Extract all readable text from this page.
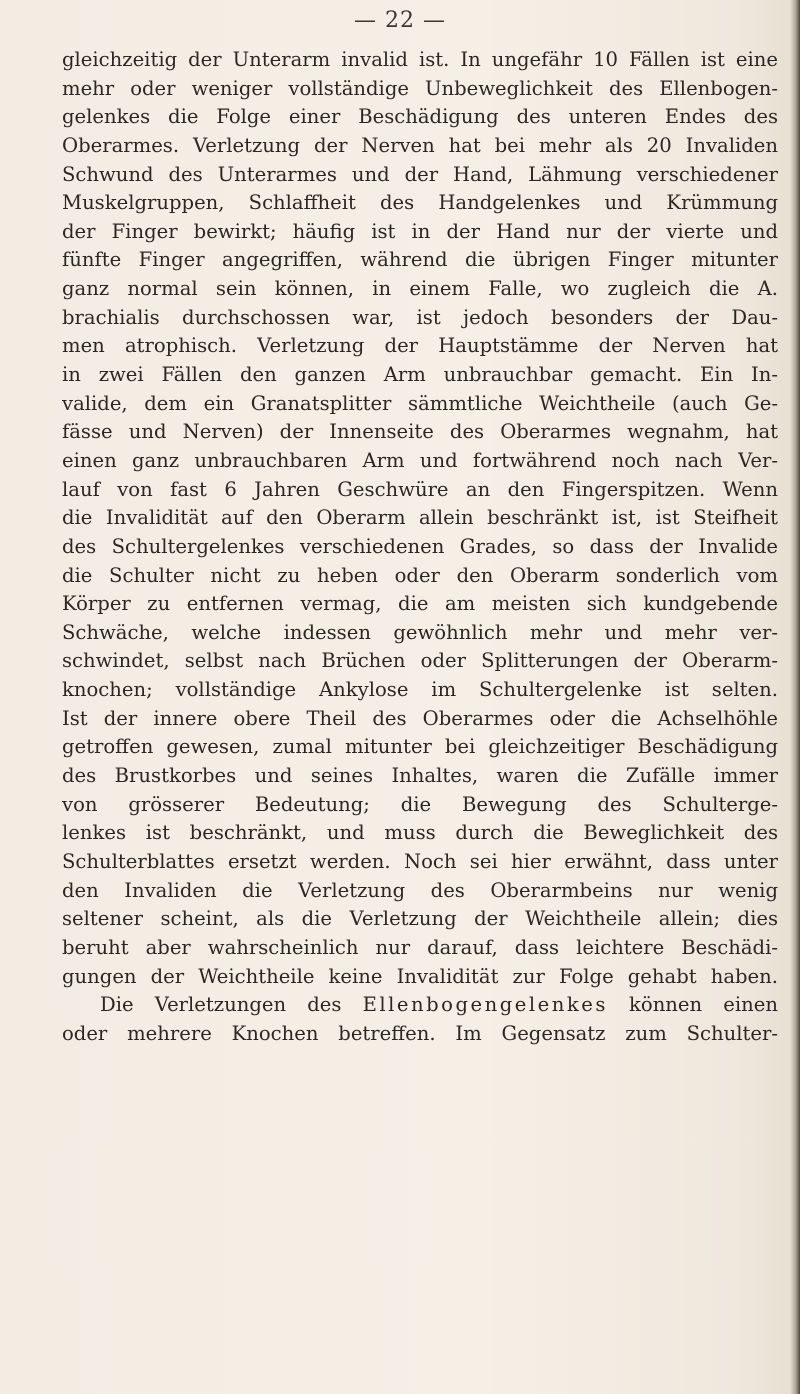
— 22 —
gleichzeitig der Unterarm invalid ist. In ungefähr 10 Fällen ist eine
mehr oder weniger vollständige Unbeweglichkeit des Ellenbogen-
gelenkes die Folge einer Beschädigung des unteren Endes des
Oberarmes. Verletzung der Nerven hat bei mehr als 20 Invaliden
Schwund des Unterarmes und der Hand, Lähmung verschiedener
Muskelgruppen, Schlaffheit des Handgelenkes und Krümmung
der Finger bewirkt; häufig ist in der Hand nur der vierte und
fünfte Finger angegriffen, während die übrigen Finger mitunter
ganz normal sein können, in einem Falle, wo zugleich die A.
brachialis durchschossen war, ist jedoch besonders der Dau-
men atrophisch. Verletzung der Hauptstämme der Nerven hat
in zwei Fällen den ganzen Arm unbrauchbar gemacht. Ein In-
valide, dem ein Granatsplitter sämmtliche Weichtheile (auch Ge-
fässe und Nerven) der Innenseite des Oberarmes wegnahm, hat
einen ganz unbrauchbaren Arm und fortwährend noch nach Ver-
lauf von fast 6 Jahren Geschwüre an den Fingerspitzen. Wenn
die Invalidität auf den Oberarm allein beschränkt ist, ist Steifheit
des Schultergelenkes verschiedenen Grades, so dass der Invalide
die Schulter nicht zu heben oder den Oberarm sonderlich vom
Körper zu entfernen vermag, die am meisten sich kundgebende
Schwäche, welche indessen gewöhnlich mehr und mehr ver-
schwindet, selbst nach Brüchen oder Splitterungen der Oberarm-
knochen; vollständige Ankylose im Schultergelenke ist selten.
Ist der innere obere Theil des Oberarmes oder die Achselhöhle
getroffen gewesen, zumal mitunter bei gleichzeitiger Beschädigung
des Brustkorbes und seines Inhaltes, waren die Zufälle immer
von grösserer Bedeutung; die Bewegung des Schulterge-
lenkes ist beschränkt, und muss durch die Beweglichkeit des
Schulterblattes ersetzt werden. Noch sei hier erwähnt, dass unter
den Invaliden die Verletzung des Oberarmbeins nur wenig
seltener scheint, als die Verletzung der Weichtheile allein; dies
beruht aber wahrscheinlich nur darauf, dass leichtere Beschädi-
gungen der Weichtheile keine Invalidität zur Folge gehabt haben.
Die Verletzungen des Ellenbogengelenkes können einen
oder mehrere Knochen betreffen. Im Gegensatz zum Schulter-
